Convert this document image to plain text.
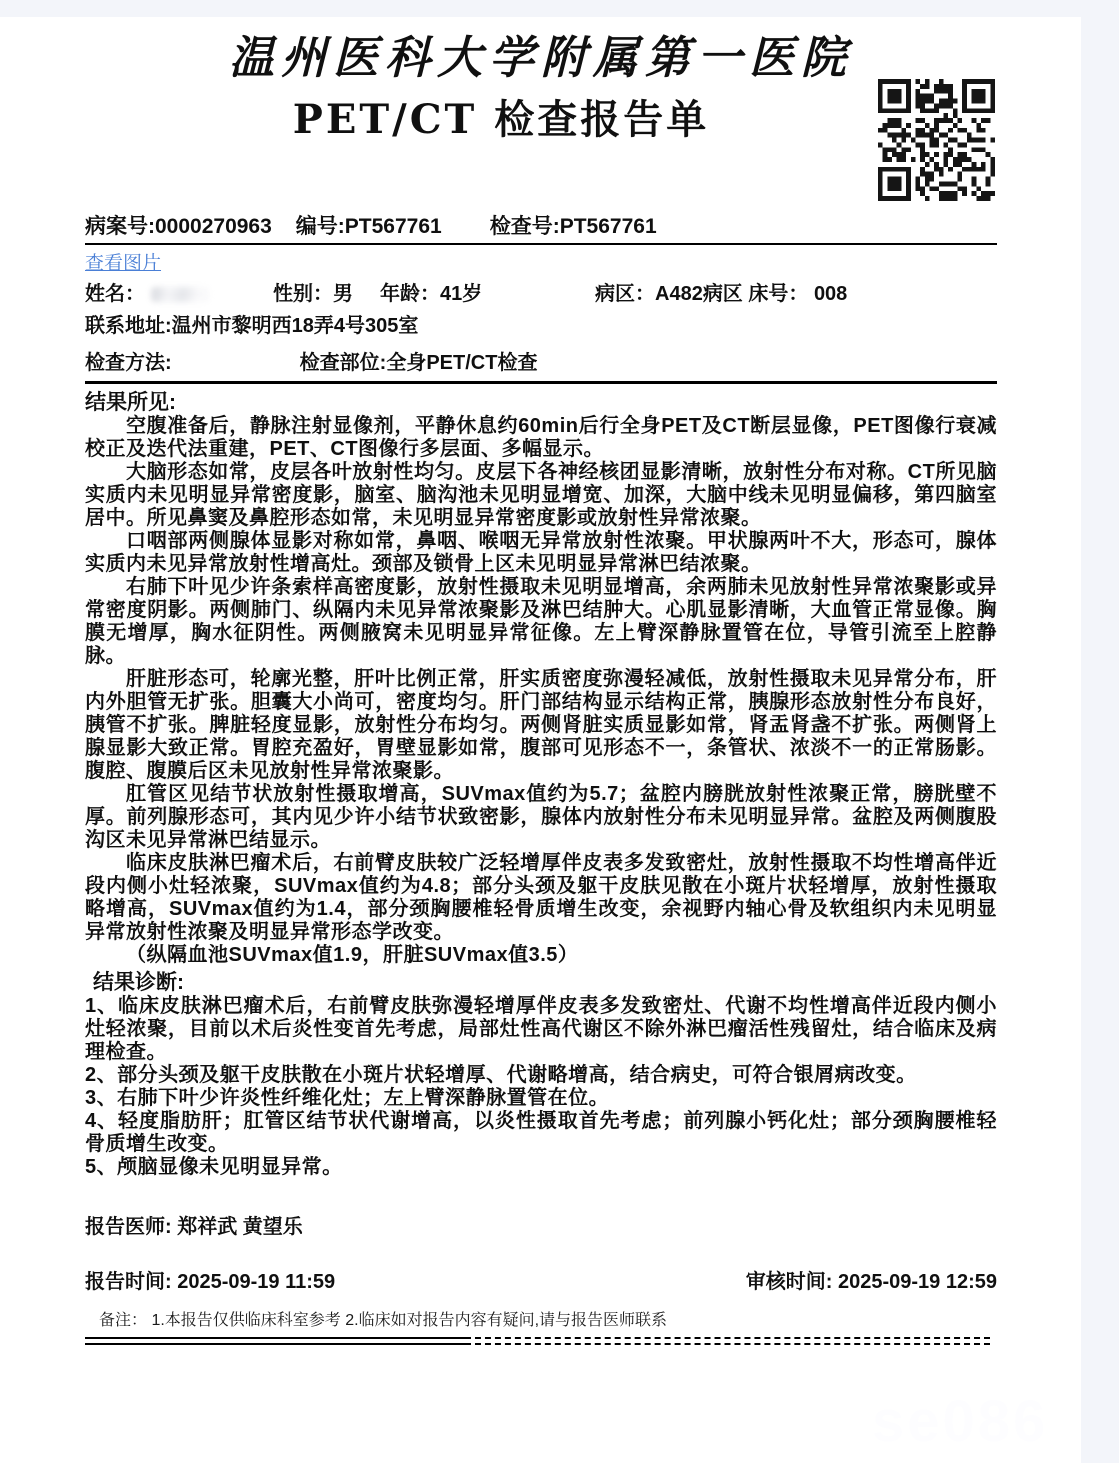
温州医科大学附属第一医院
PET/CT 检查报告单
病案号:0000270963 编号:PT567761 检查号:PT567761
查看图片
姓名：	性别：男 年龄：41岁	病区：A482病区 床号： 008
联系地址:温州市黎明西18弄4号305室
检查方法:	检查部位:全身PET/CT检查
结果所见:

空腹准备后，静脉注射显像剂，平静休息约60min后行全身PET及CT断层显像，PET图像行衰减校正及迭代法重建，PET、CT图像行多层面、多幅显示。

大脑形态如常，皮层各叶放射性均匀。皮层下各神经核团显影清晰，放射性分布对称。CT所见脑实质内未见明显异常密度影，脑室、脑沟池未见明显增宽、加深，大脑中线未见明显偏移，第四脑室居中。所见鼻窦及鼻腔形态如常，未见明显异常密度影或放射性异常浓聚。

口咽部两侧腺体显影对称如常，鼻咽、喉咽无异常放射性浓聚。甲状腺两叶不大，形态可，腺体实质内未见异常放射性增高灶。颈部及锁骨上区未见明显异常淋巴结浓聚。

右肺下叶见少许条索样高密度影，放射性摄取未见明显增高，余两肺未见放射性异常浓聚影或异常密度阴影。两侧肺门、纵隔内未见异常浓聚影及淋巴结肿大。心肌显影清晰，大血管正常显像。胸膜无增厚，胸水征阴性。两侧腋窝未见明显异常征像。左上臂深静脉置管在位，导管引流至上腔静脉。

肝脏形态可，轮廓光整，肝叶比例正常，肝实质密度弥漫轻减低，放射性摄取未见异常分布，肝内外胆管无扩张。胆囊大小尚可，密度均匀。肝门部结构显示结构正常，胰腺形态放射性分布良好，胰管不扩张。脾脏轻度显影，放射性分布均匀。两侧肾脏实质显影如常，肾盂肾盏不扩张。两侧肾上腺显影大致正常。胃腔充盈好，胃壁显影如常，腹部可见形态不一，条管状、浓淡不一的正常肠影。腹腔、腹膜后区未见放射性异常浓聚影。

肛管区见结节状放射性摄取增高，SUVmax值约为5.7；盆腔内膀胱放射性浓聚正常，膀胱壁不厚。前列腺形态可，其内见少许小结节状致密影，腺体内放射性分布未见明显异常。盆腔及两侧腹股沟区未见异常淋巴结显示。

临床皮肤淋巴瘤术后，右前臂皮肤较广泛轻增厚伴皮表多发致密灶，放射性摄取不均性增高伴近段内侧小灶轻浓聚，SUVmax值约为4.8；部分头颈及躯干皮肤见散在小斑片状轻增厚，放射性摄取略增高，SUVmax值约为1.4，部分颈胸腰椎轻骨质增生改变，余视野内轴心骨及软组织内未见明显异常放射性浓聚及明显异常形态学改变。

（纵隔血池SUVmax值1.9，肝脏SUVmax值3.5）

结果诊断:

1、临床皮肤淋巴瘤术后，右前臂皮肤弥漫轻增厚伴皮表多发致密灶、代谢不均性增高伴近段内侧小灶轻浓聚，目前以术后炎性变首先考虑，局部灶性高代谢区不除外淋巴瘤活性残留灶，结合临床及病理检查。

2、部分头颈及躯干皮肤散在小斑片状轻增厚、代谢略增高，结合病史，可符合银屑病改变。

3、右肺下叶少许炎性纤维化灶；左上臂深静脉置管在位。

4、轻度脂肪肝；肛管区结节状代谢增高，以炎性摄取首先考虑；前列腺小钙化灶；部分颈胸腰椎轻骨质增生改变。

5、颅脑显像未见明显异常。

报告医师: 郑祥武 黄望乐
报告时间: 2025-09-19 11:59	审核时间: 2025-09-19 12:59
备注： 1.本报告仅供临床科室参考 2.临床如对报告内容有疑问,请与报告医师联系
se086
